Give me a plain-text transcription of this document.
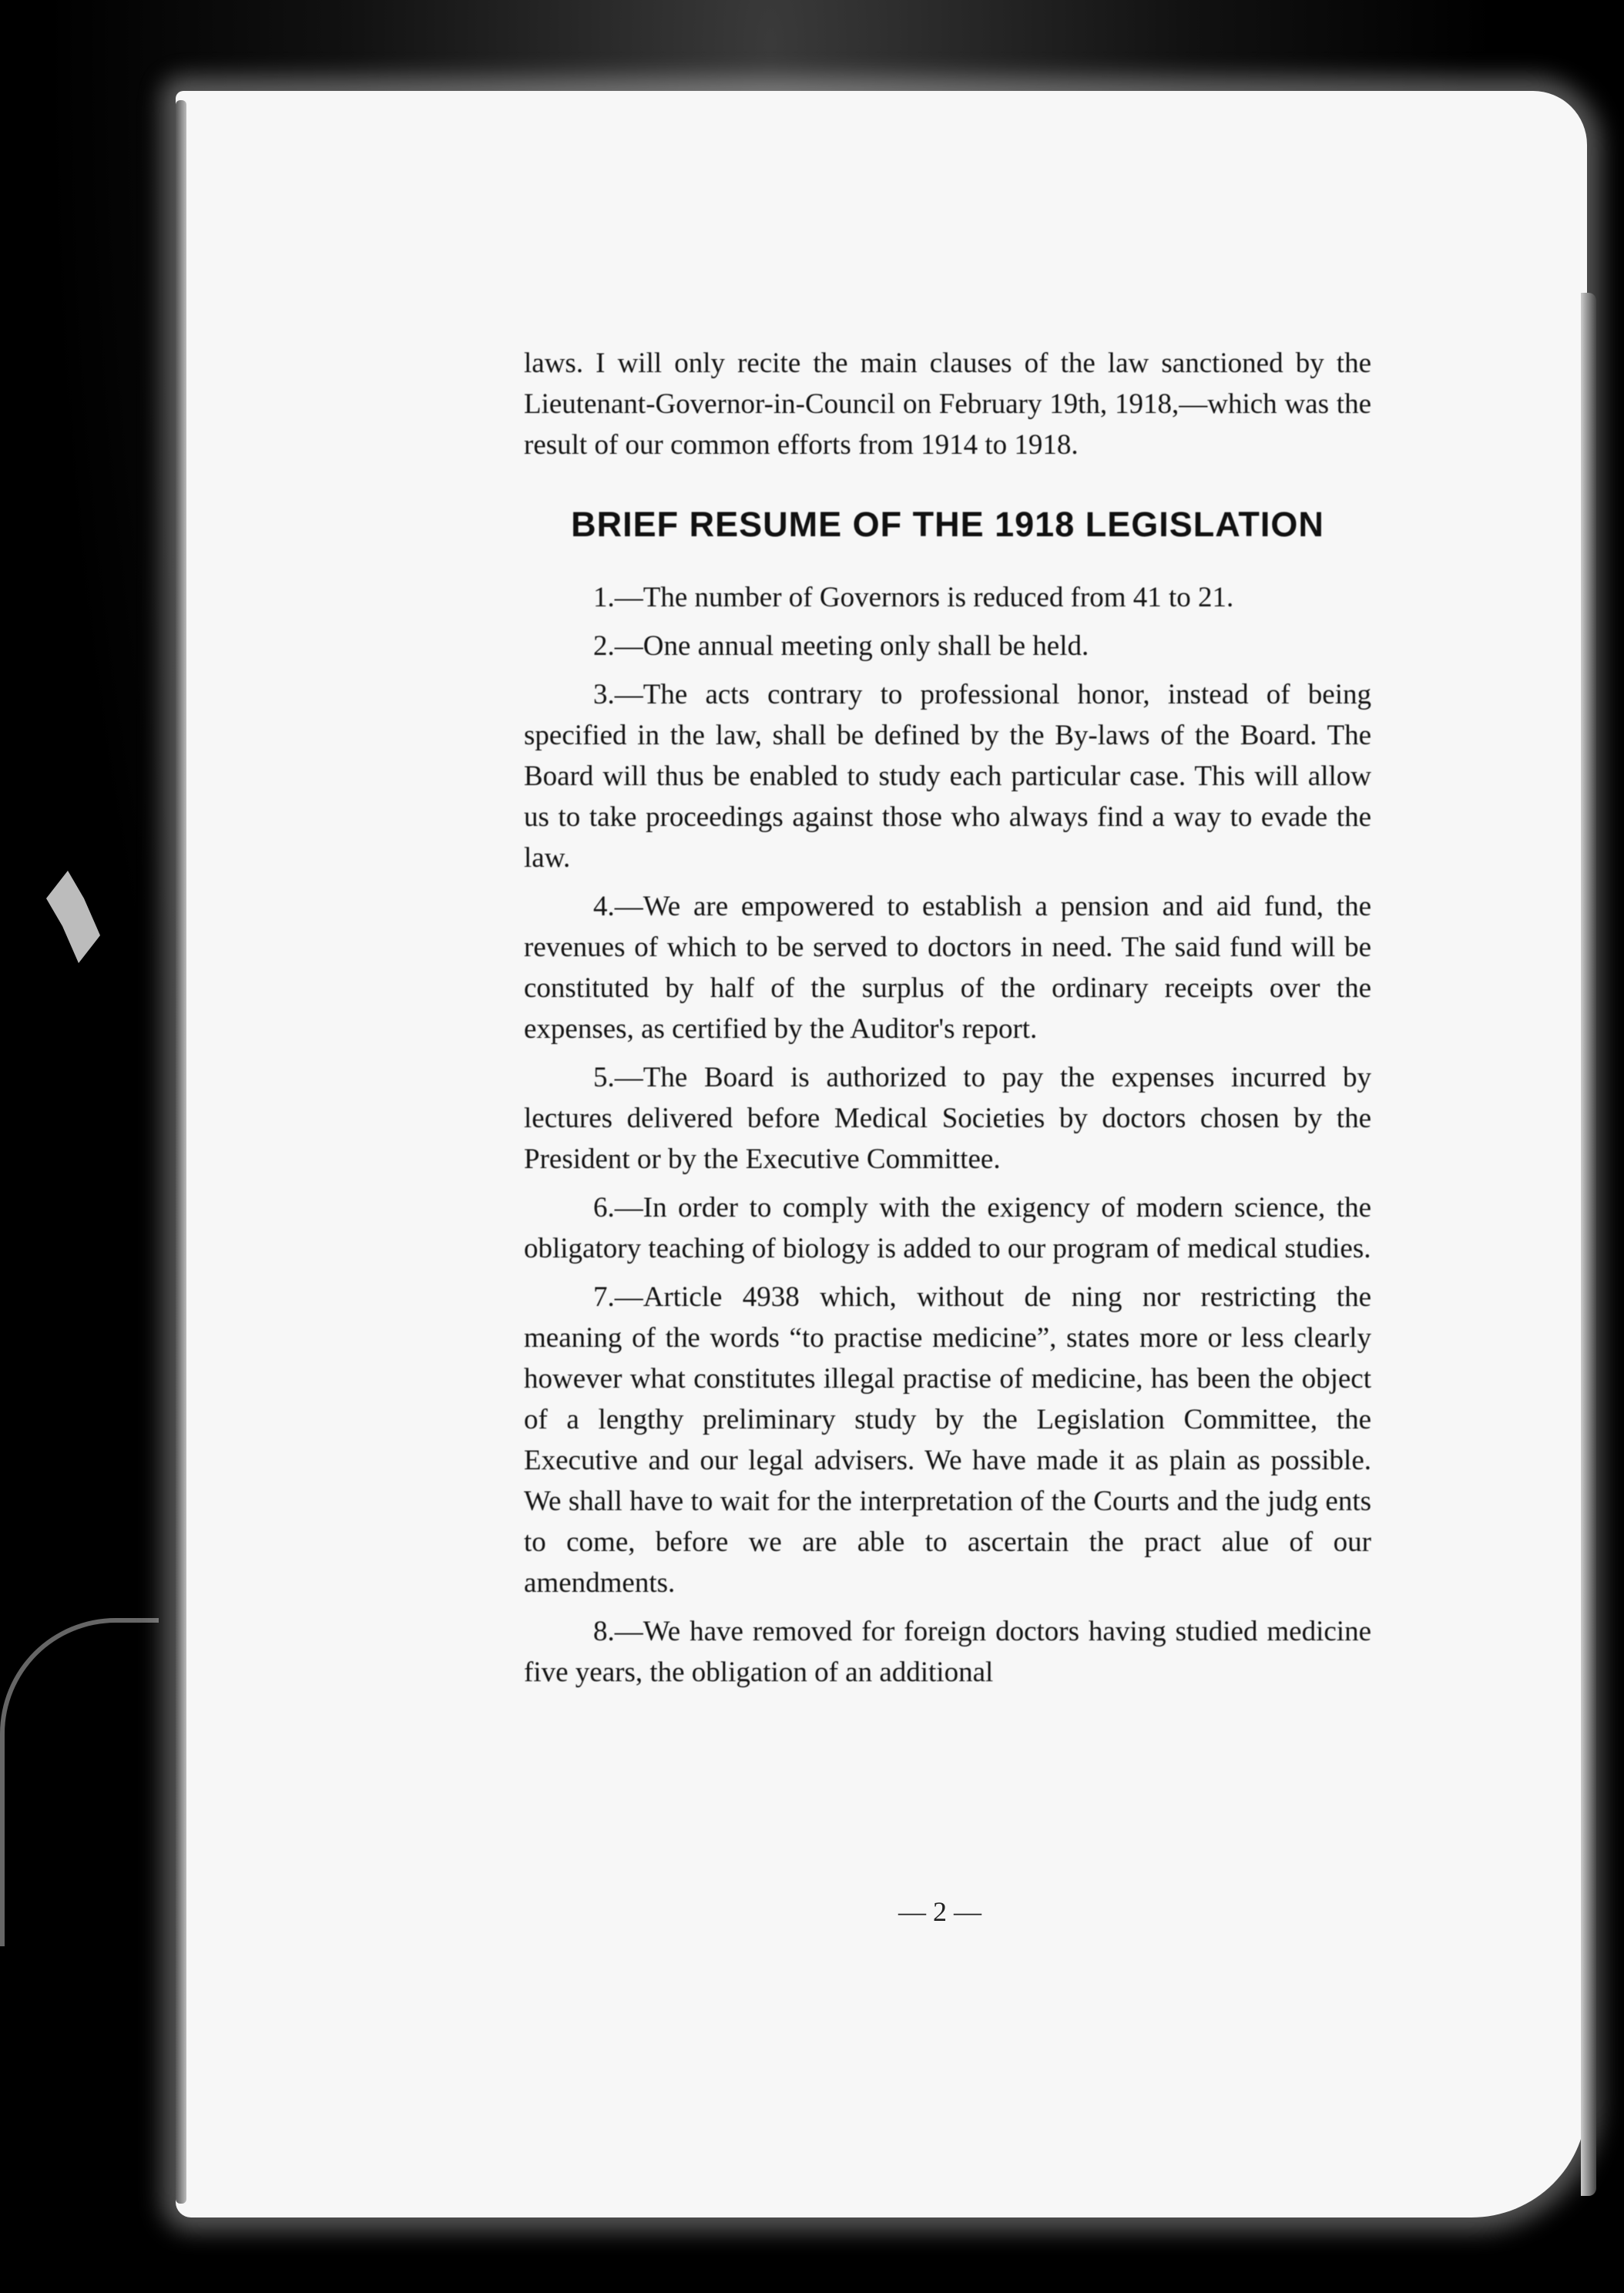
laws. I will only recite the main clauses of the law sanctioned by the Lieutenant-Governor-in-Council on February 19th, 1918,—which was the result of our common efforts from 1914 to 1918.

BRIEF RESUME OF THE 1918 LEGISLATION

1.—The number of Governors is reduced from 41 to 21.

2.—One annual meeting only shall be held.

3.—The acts contrary to professional honor, instead of being specified in the law, shall be defined by the By-laws of the Board. The Board will thus be enabled to study each particular case. This will allow us to take proceedings against those who always find a way to evade the law.

4.—We are empowered to establish a pension and aid fund, the revenues of which to be served to doctors in need. The said fund will be constituted by half of the surplus of the ordinary receipts over the expenses, as certified by the Auditor's report.

5.—The Board is authorized to pay the expenses incurred by lectures delivered before Medical Societies by doctors chosen by the President or by the Executive Committee.

6.—In order to comply with the exigency of modern science, the obligatory teaching of biology is added to our program of medical studies.

7.—Article 4938 which, without de ning nor restricting the meaning of the words “to practise medicine”, states more or less clearly however what constitutes illegal practise of medicine, has been the object of a lengthy preliminary study by the Legislation Committee, the Executive and our legal advisers. We have made it as plain as possible. We shall have to wait for the interpretation of the Courts and the judg ents to come, before we are able to ascertain the pract alue of our amendments.

8.—We have removed for foreign doctors having studied medicine five years, the obligation of an additional

— 2 —
